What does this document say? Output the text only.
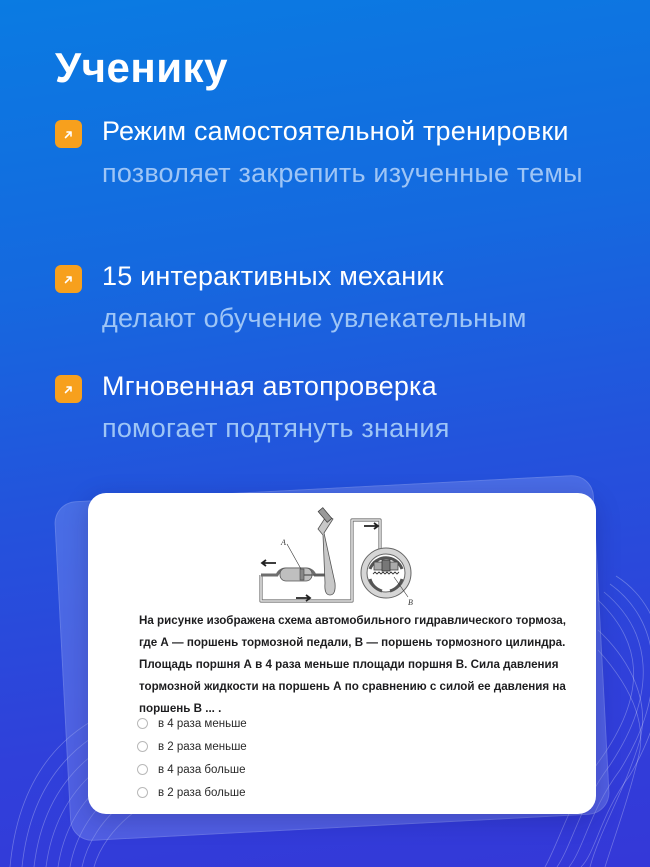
Ученику
Режим самостоятельной тренировки позволяет закрепить изученные темы
15 интерактивных механик
делают обучение увлекательным
Мгновенная автопроверка
помогает подтянуть знания
A
B
На рисунке изображена схема автомобильного гидравлического тормоза, где А — поршень тормозной педали, В — поршень тормозного цилиндра. Площадь поршня А в 4 раза меньше площади поршня В. Сила давления тормозной жидкости на поршень А по сравнению с силой ее давления на поршень В ... .
в 4 раза меньше
в 2 раза меньше
в 4 раза больше
в 2 раза больше
